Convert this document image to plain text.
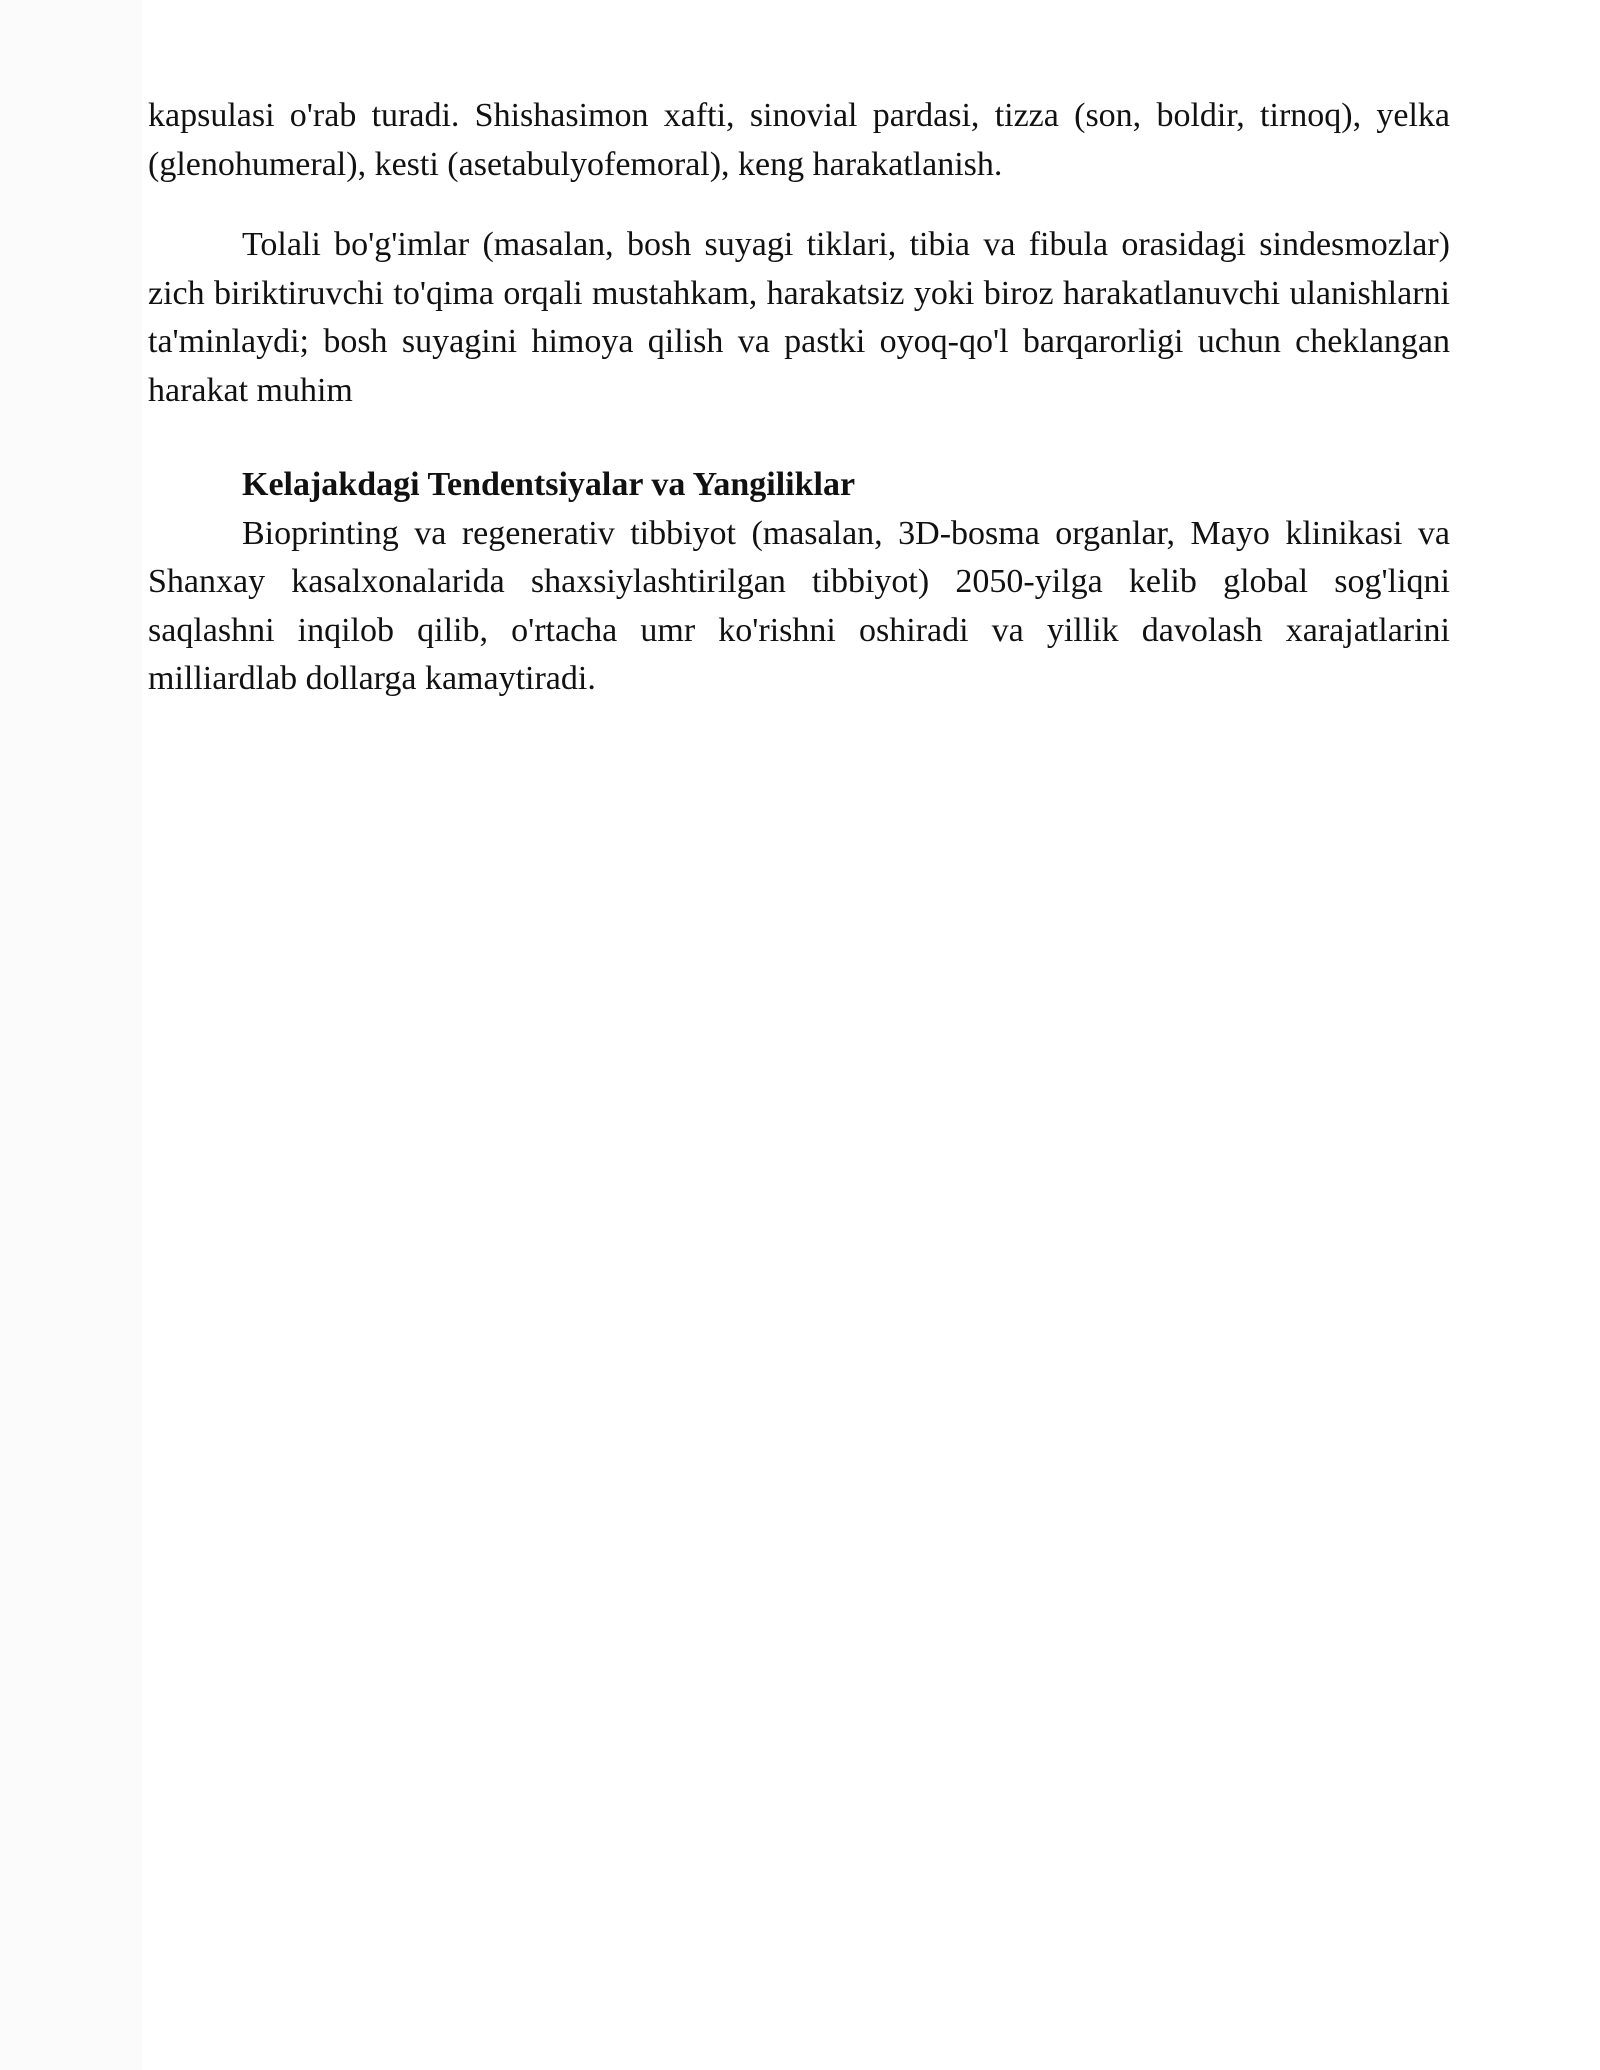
kapsulasi o'rab turadi. Shishasimon xafti, sinovial pardasi, tizza (son, boldir, tirnoq), yelka (glenohumeral), kesti (asetabulyofemoral), keng harakatlanish.

Tolali bo'g'imlar (masalan, bosh suyagi tiklari, tibia va fibula orasidagi sindesmozlar) zich biriktiruvchi to'qima orqali mustahkam, harakatsiz yoki biroz harakatlanuvchi ulanishlarni ta'minlaydi; bosh suyagini himoya qilish va pastki oyoq-qo'l barqarorligi uchun cheklangan harakat muhim

Kelajakdagi Tendentsiyalar va Yangiliklar

Bioprinting va regenerativ tibbiyot (masalan, 3D-bosma organlar, Mayo klinikasi va Shanxay kasalxonalarida shaxsiylashtirilgan tibbiyot) 2050-yilga kelib global sog'liqni saqlashni inqilob qilib, o'rtacha umr ko'rishni oshiradi va yillik davolash xarajatlarini milliardlab dollarga kamaytiradi.
